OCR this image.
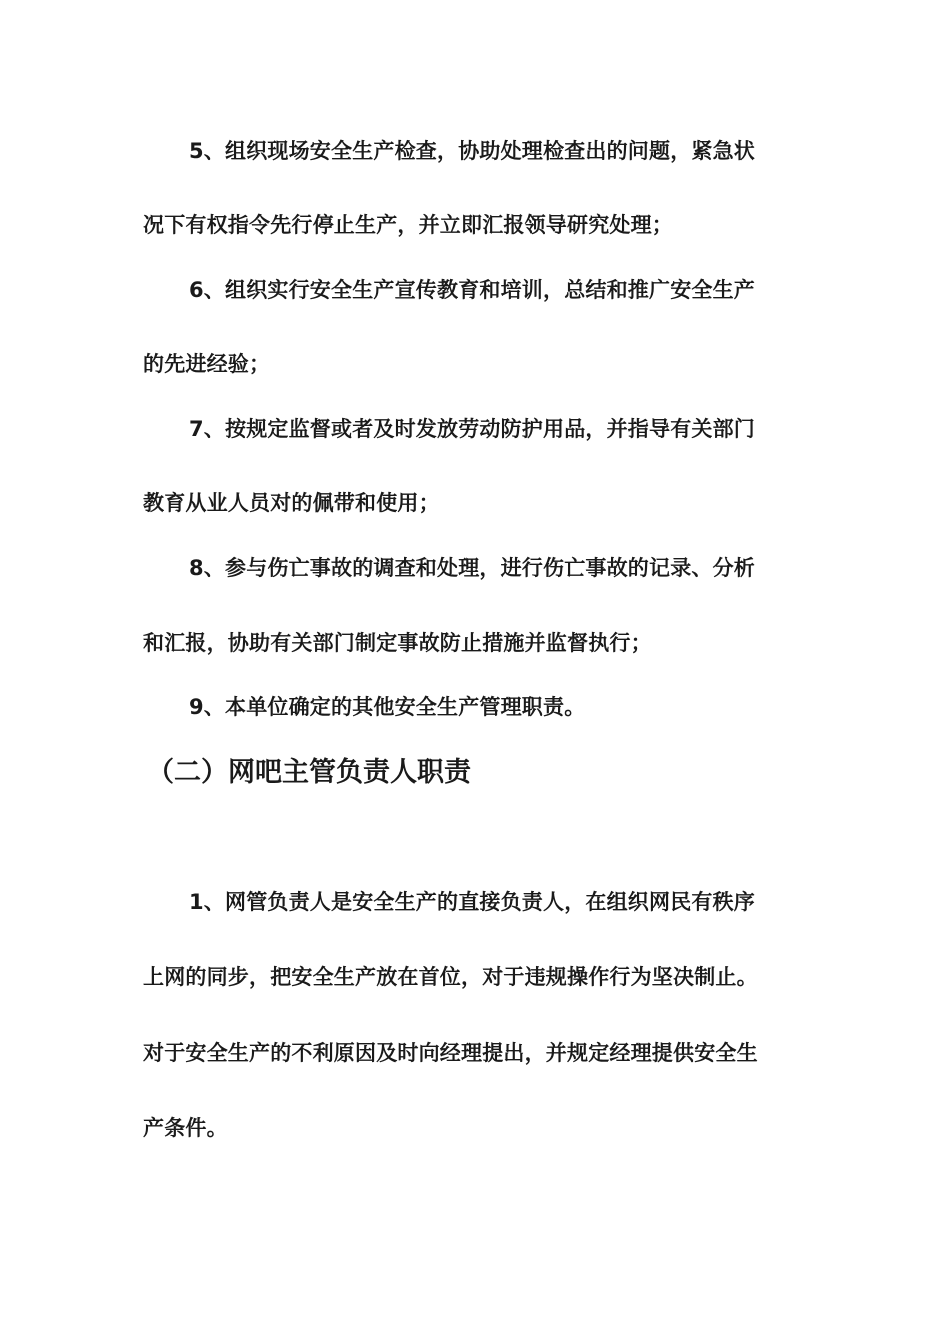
5、组织现场安全生产检查，协助处理检查出的问题，紧急状
况下有权指令先行停止生产，并立即汇报领导研究处理；
6、组织实行安全生产宣传教育和培训，总结和推广安全生产
的先进经验；
7、按规定监督或者及时发放劳动防护用品，并指导有关部门
教育从业人员对的佩带和使用；
8、参与伤亡事故的调查和处理，进行伤亡事故的记录、分析
和汇报，协助有关部门制定事故防止措施并监督执行；
9、本单位确定的其他安全生产管理职责。
（二）网吧主管负责人职责
1、网管负责人是安全生产的直接负责人，在组织网民有秩序
上网的同步，把安全生产放在首位，对于违规操作行为坚决制止。
对于安全生产的不利原因及时向经理提出，并规定经理提供安全生
产条件。
